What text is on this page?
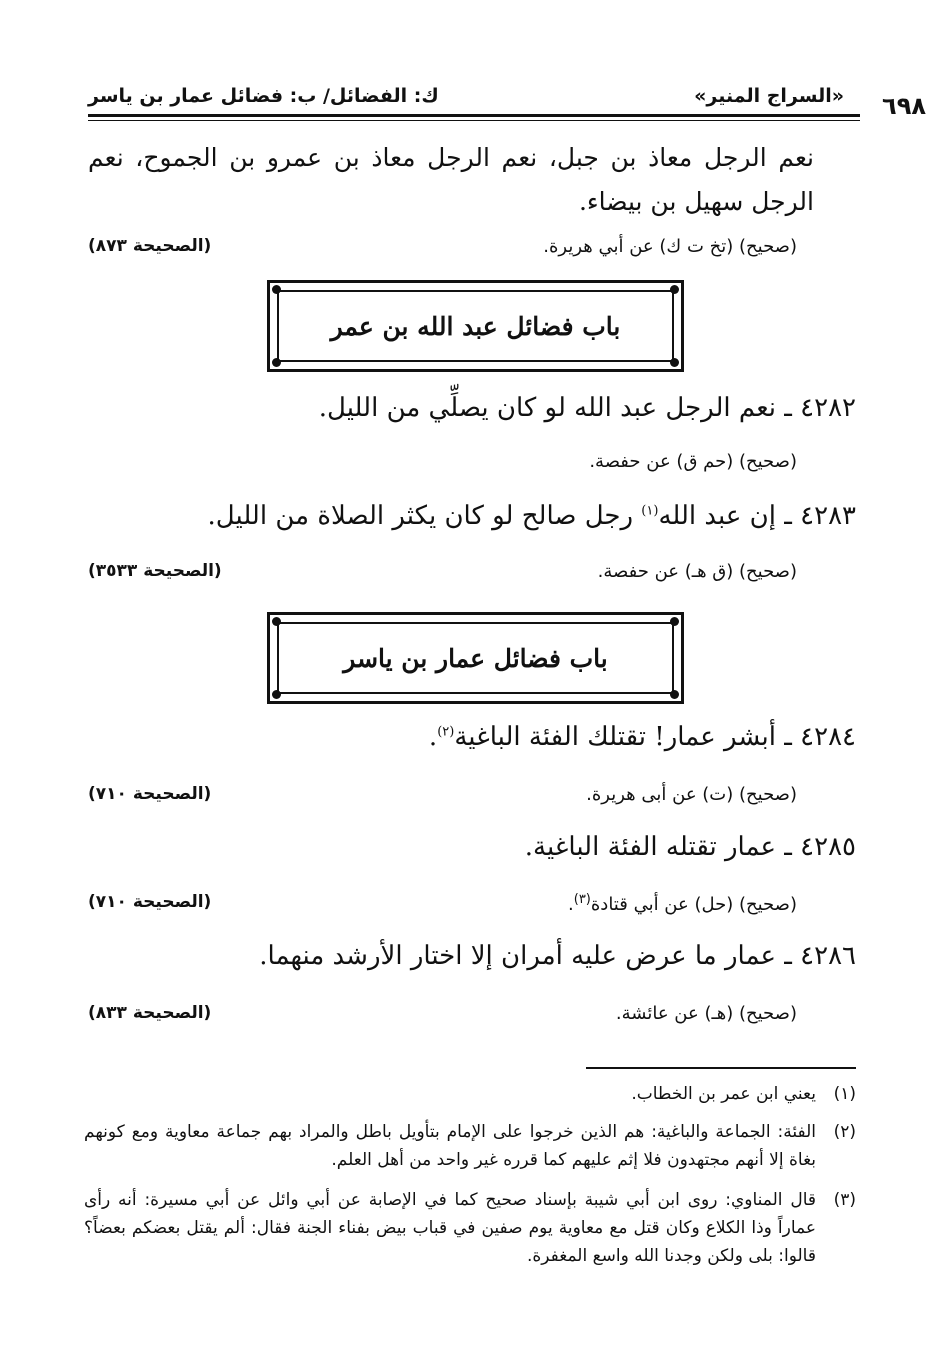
٦٩٨
«السراج المنير»
ك: الفضائل/ ب: فضائل عمار بن ياسر
نعم الرجل معاذ بن جبل، نعم الرجل معاذ بن عمرو بن الجموح، نعم الرجل سهيل بن بيضاء.
(صحيح) (تخ ت ك) عن أبي هريرة.
(الصحيحة ٨٧٣)
باب فضائل عبد الله بن عمر
٤٢٨٢ ـ نعم الرجل عبد الله لو كان يصلِّي من الليل.
(صحيح) (حم ق) عن حفصة.
٤٢٨٣ ـ إن عبد الله$^{(١)}$ رجل صالح لو كان يكثر الصلاة من الليل.
(صحيح) (ق هـ) عن حفصة.
(الصحيحة ٣٥٣٣)
باب فضائل عمار بن ياسر
٤٢٨٤ ـ أبشر عمار! تقتلك الفئة الباغية$^{(٢)}$.
(صحيح) (ت) عن أبى هريرة.
(الصحيحة ٧١٠)
٤٢٨٥ ـ عمار تقتله الفئة الباغية.
(صحيح) (حل) عن أبي قتادة$^{(٣)}$.
(الصحيحة ٧١٠)
٤٢٨٦ ـ عمار ما عرض عليه أمران إلا اختار الأرشد منهما.
(صحيح) (هـ) عن عائشة.
(الصحيحة ٨٣٣)
(١)
يعني ابن عمر بن الخطاب.
(٢)
الفئة: الجماعة والباغية: هم الذين خرجوا على الإمام بتأويل باطل والمراد بهم جماعة معاوية ومع كونهم بغاة إلا أنهم مجتهدون فلا إثم عليهم كما قرره غير واحد من أهل العلم.
(٣)
قال المناوي: روى ابن أبي شيبة بإسناد صحيح كما في الإصابة عن أبي وائل عن أبي مسيرة: أنه رأى عماراً وذا الكلاع وكان قتل مع معاوية يوم صفين في قباب بيض بفناء الجنة فقال: ألم يقتل بعضكم بعضاً؟ قالوا: بلى ولكن وجدنا الله واسع المغفرة.
